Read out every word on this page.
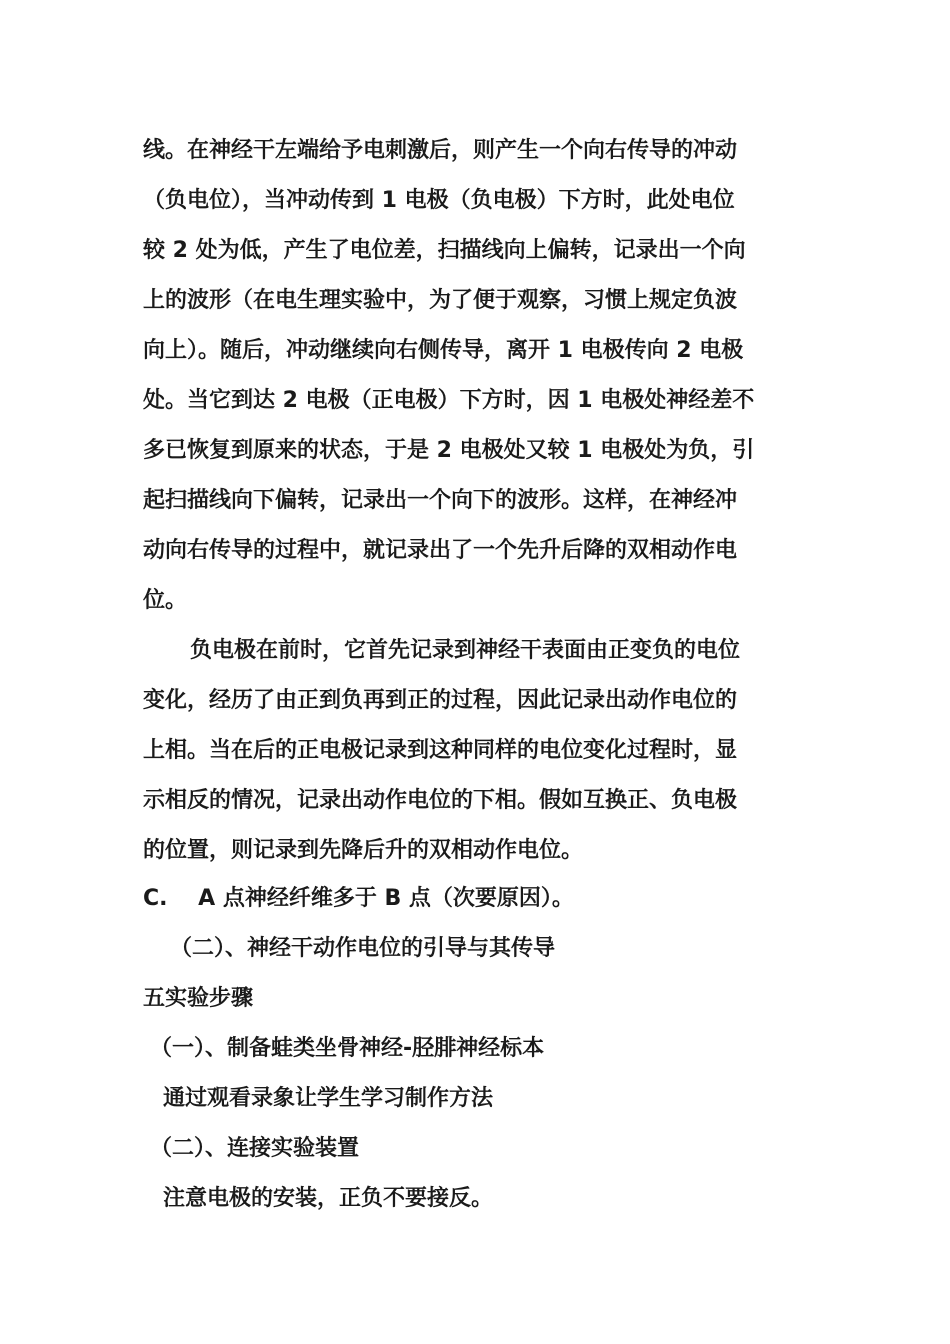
线。在神经干左端给予电刺激后，则产生一个向右传导的冲动
（负电位），当冲动传到 1 电极（负电极）下方时，此处电位
较 2 处为低，产生了电位差，扫描线向上偏转，记录出一个向
上的波形（在电生理实验中，为了便于观察，习惯上规定负波
向上）。随后，冲动继续向右侧传导，离开 1 电极传向 2 电极
处。当它到达 2 电极（正电极）下方时，因 1 电极处神经差不
多已恢复到原来的状态，于是 2 电极处又较 1 电极处为负，引
起扫描线向下偏转，记录出一个向下的波形。这样，在神经冲
动向右传导的过程中，就记录出了一个先升后降的双相动作电
位。
负电极在前时，它首先记录到神经干表面由正变负的电位
变化，经历了由正到负再到正的过程，因此记录出动作电位的
上相。当在后的正电极记录到这种同样的电位变化过程时，显
示相反的情况，记录出动作电位的下相。假如互换正、负电极
的位置，则记录到先降后升的双相动作电位。
C.    A 点神经纤维多于 B 点（次要原因）。
（二）、神经干动作电位的引导与其传导
五实验步骤
（一）、制备蛙类坐骨神经-胫腓神经标本
通过观看录象让学生学习制作方法
（二）、连接实验装置
注意电极的安装，正负不要接反。
